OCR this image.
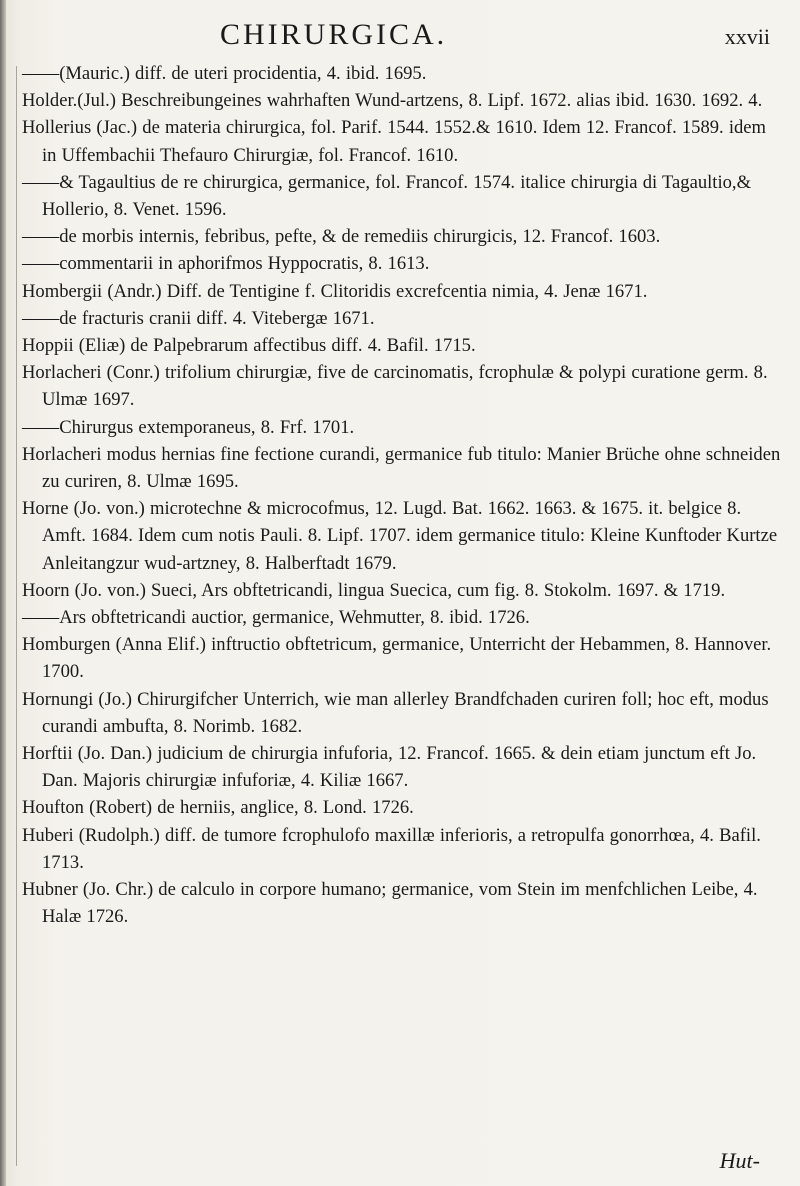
CHIRURGICA.	xxvii
——(Mauric.) diff. de uteri procidentia, 4. ibid. 1695.
Holder.(Jul.) Beschreibungeines wahrhaften Wund-artzens, 8. Lipf. 1672. alias ibid. 1630. 1692. 4.
Hollerius (Jac.) de materia chirurgica, fol. Parif. 1544. 1552.& 1610. Idem 12. Francof. 1589. idem in Uffembachii Thefauro Chirurgiæ, fol. Francof. 1610.
——& Tagaultius de re chirurgica, germanice, fol. Francof. 1574. italice chirurgia di Tagaultio,& Hollerio, 8. Venet. 1596.
——de morbis internis, febribus, pefte, & de remediis chirurgicis, 12. Francof. 1603.
——commentarii in aphorifmos Hyppocratis, 8. 1613.
Hombergii (Andr.) Diff. de Tentigine f. Clitoridis excrefcentia nimia, 4. Jenæ 1671.
——de fracturis cranii diff. 4. Vitebergæ 1671.
Hoppii (Eliæ) de Palpebrarum affectibus diff. 4. Bafil. 1715.
Horlacheri (Conr.) trifolium chirurgiæ, five de carcinomatis, fcrophulæ & polypi curatione germ. 8. Ulmæ 1697.
——Chirurgus extemporaneus, 8. Frf. 1701.
Horlacheri modus hernias fine fectione curandi, germanice fub titulo: Manier Brüche ohne schneiden zu curiren, 8. Ulmæ 1695.
Horne (Jo. von.) microtechne & microcofmus, 12. Lugd. Bat. 1662. 1663. & 1675. it. belgice 8. Amft. 1684. Idem cum notis Pauli. 8. Lipf. 1707. idem germanice titulo: Kleine Kunftoder Kurtze Anleitangzur wud-artzney, 8. Halberftadt 1679.
Hoorn (Jo. von.) Sueci, Ars obftetricandi, lingua Suecica, cum fig. 8. Stokolm. 1697. & 1719.
——Ars obftetricandi auctior, germanice, Wehmutter, 8. ibid. 1726.
Homburgen (Anna Elif.) inftructio obftetricum, germanice, Unterricht der Hebammen, 8. Hannover. 1700.
Hornungi (Jo.) Chirurgifcher Unterrich, wie man allerley Brandfchaden curiren foll; hoc eft, modus curandi ambufta, 8. Norimb. 1682.
Horftii (Jo. Dan.) judicium de chirurgia infuforia, 12. Francof. 1665. & dein etiam junctum eft Jo. Dan. Majoris chirurgiæ infuforiæ, 4. Kiliæ 1667.
Houfton (Robert) de herniis, anglice, 8. Lond. 1726.
Huberi (Rudolph.) diff. de tumore fcrophulofo maxillæ inferioris, a retropulfa gonorrhœa, 4. Bafil. 1713.
Hubner (Jo. Chr.) de calculo in corpore humano; germanice, vom Stein im menfchlichen Leibe, 4. Halæ 1726.
Hut-
